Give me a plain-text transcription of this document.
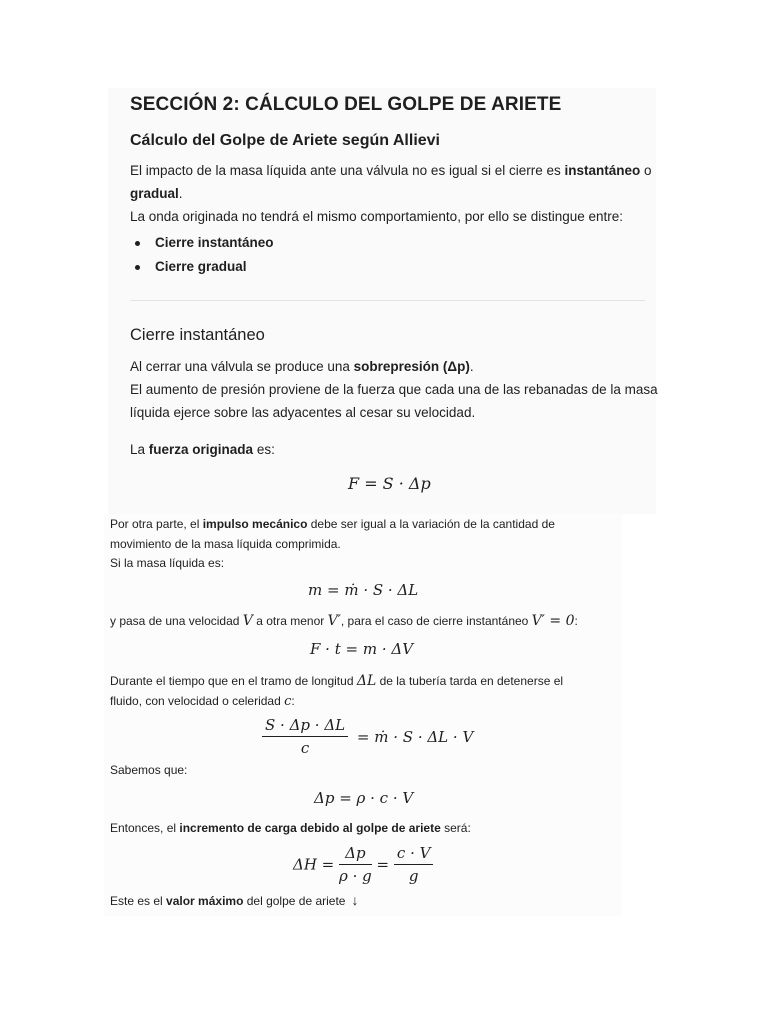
SECCIÓN 2: CÁLCULO DEL GOLPE DE ARIETE
Cálculo del Golpe de Ariete según Allievi
El impacto de la masa líquida ante una válvula no es igual si el cierre es instantáneo o
gradual.
La onda originada no tendrá el mismo comportamiento, por ello se distingue entre:
Cierre instantáneo
Cierre gradual
Cierre instantáneo
Al cerrar una válvula se produce una sobrepresión (Δp).
El aumento de presión proviene de la fuerza que cada una de las rebanadas de la masa
líquida ejerce sobre las adyacentes al cesar su velocidad.
La fuerza originada es:
F = S · Δp
Por otra parte, el impulso mecánico debe ser igual a la variación de la cantidad de
movimiento de la masa líquida comprimida.
Si la masa líquida es:
m = ṁ · S · ΔL
y pasa de una velocidad V a otra menor V′, para el caso de cierre instantáneo V′ = 0:
F · t = m · ΔV
Durante el tiempo que en el tramo de longitud ΔL de la tubería tarda en detenerse el
fluido, con velocidad o celeridad c:
$\frac{S \cdot \Delta p \cdot \Delta L}{c}$ = ṁ · S · ΔL · V
Sabemos que:
Δp = ρ · c · V
Entonces, el incremento de carga debido al golpe de ariete será:
$\Delta H = \frac{\Delta p}{\rho \cdot g} = \frac{c \cdot V}{g}$
Este es el valor máximo del golpe de ariete ↓
